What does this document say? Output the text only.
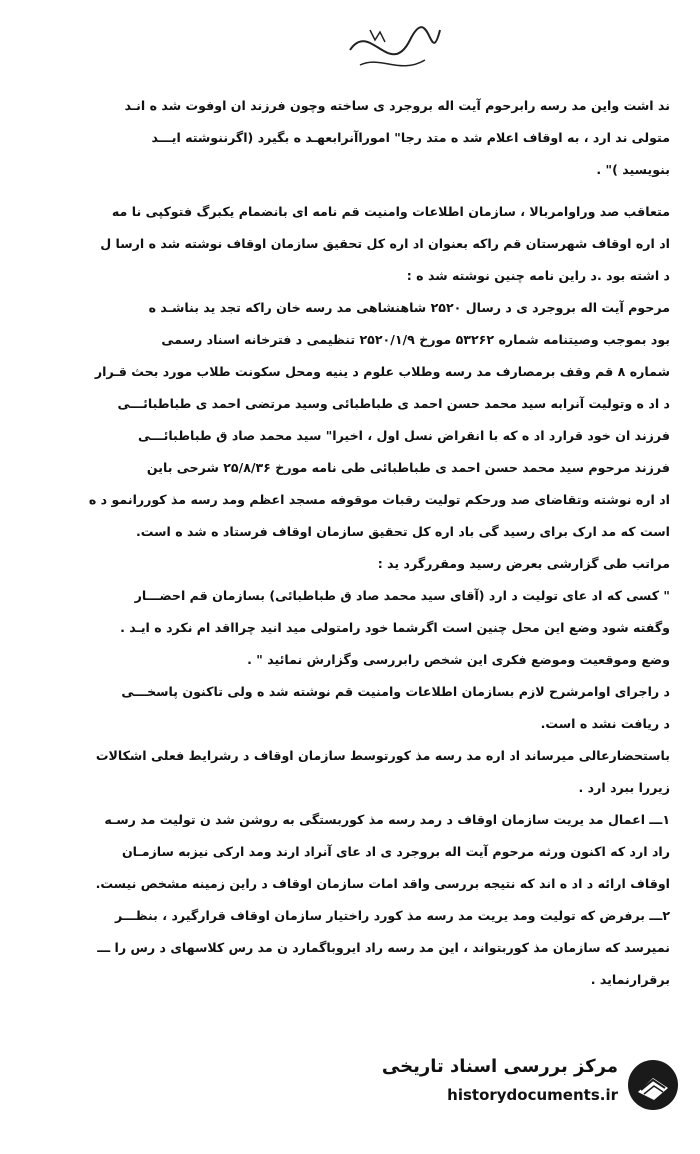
ند اشت واین مد رسه رابرحوم آیت اله بروجرد ی ساخته وچون فرزند ان اوفوت شد ه انـد
متولی ند ارد ، به اوقاف اعلام شد ه متد رجا" اموراآنرابعهـد ه بگیرد (اگرننوشته ایـــد
بنویسید )" .
متعاقب صد وراوامربالا ، سازمان اطلاعات وامنیت قم نامه ای بانضمام یکبرگ فتوکپی نا مه
اد اره اوقاف شهرستان قم راکه بعنوان اد اره کل تحقیق سازمان اوقاف نوشته شد ه ارسا ل
د اشته بود .د راین نامه چنین نوشته شد ه :
مرحوم آیت اله بروجرد ی د رسال ۲۵۲۰ شاهنشاهی مد رسه خان راکه تجد ید بناشـد ه
بود بموجب وصیتنامه شماره ۵۳۲۶۲ مورخ ۲۵۲۰/۱/۹ تنظیمی د فترخانه اسناد رسمی
شماره ۸ قم وقف برمصارف مد رسه وطلاب علوم د ینیه ومحل سکونت طلاب مورد بحث قـرار
د اد ه وتولیت آنرابه سید محمد حسن احمد ی طباطبائی وسید مرتضی احمد ی طباطبائـــی
فرزند ان خود قرارد اد ه که با انقراض نسل اول ، اخیرا" سید محمد صاد ق طباطبائـــی
فرزند مرحوم سید محمد حسن احمد ی طباطبائی طی نامه مورخ ۲۵/۸/۳۶ شرحی باین
اد اره نوشته وتقاضای صد ورحکم تولیت رقبات موقوفه مسجد اعظم ومد رسه مذ کوررانمو د ه
است که مد ارک برای رسید گی باد اره کل تحقیق سازمان اوقاف فرستاد ه شد ه است.
مراتب طی گزارشی بعرض رسید ومقررگرد ید :
" کسی که اد عای تولیت د ارد (آقای سید محمد صاد ق طباطبائی) بسازمان قم احضـــار
وگفته شود وضع این محل چنین است اگرشما خود رامتولی مید انید چرااقد ام نکرد ه ایـد .
وضع وموقعیت وموضع فکری این شخص رابررسی وگزارش نمائید " .
د راجرای اوامرشرح لازم بسازمان اطلاعات وامنیت قم نوشته شد ه ولی تاکنون پاسخـــی
د ریافت نشد ه است.
باستحضارعالی میرساند اد اره مد رسه مذ کورتوسط سازمان اوقاف د رشرایط فعلی اشکالات
زیررا ببرد ارد .
۱ـــ اعمال مد یریت سازمان اوقاف د رمد رسه مذ کوربستگی به روشن شد ن تولیت مد رسـه
راد ارد که اکنون ورثه مرحوم آیت اله بروجرد ی اد عای آنراد ارند ومد ارکی نیزبه سازمـان
اوقاف ارائه د اد ه اند که نتیجه بررسی واقد امات سازمان اوقاف د راین زمینه مشخص نیست.
۲ـــ برفرض که تولیت ومد یریت مد رسه مذ کورد راختیار سازمان اوقاف قرارگیرد ، بنظـــر
نمیرسد که سازمان مذ کوربتواند ، این مد رسه راد ایروباگمارد ن مد رس کلاسهای د رس را ـــ
برقرارنماید .
مرکز بررسی اسناد تاریخی
historydocuments.ir
